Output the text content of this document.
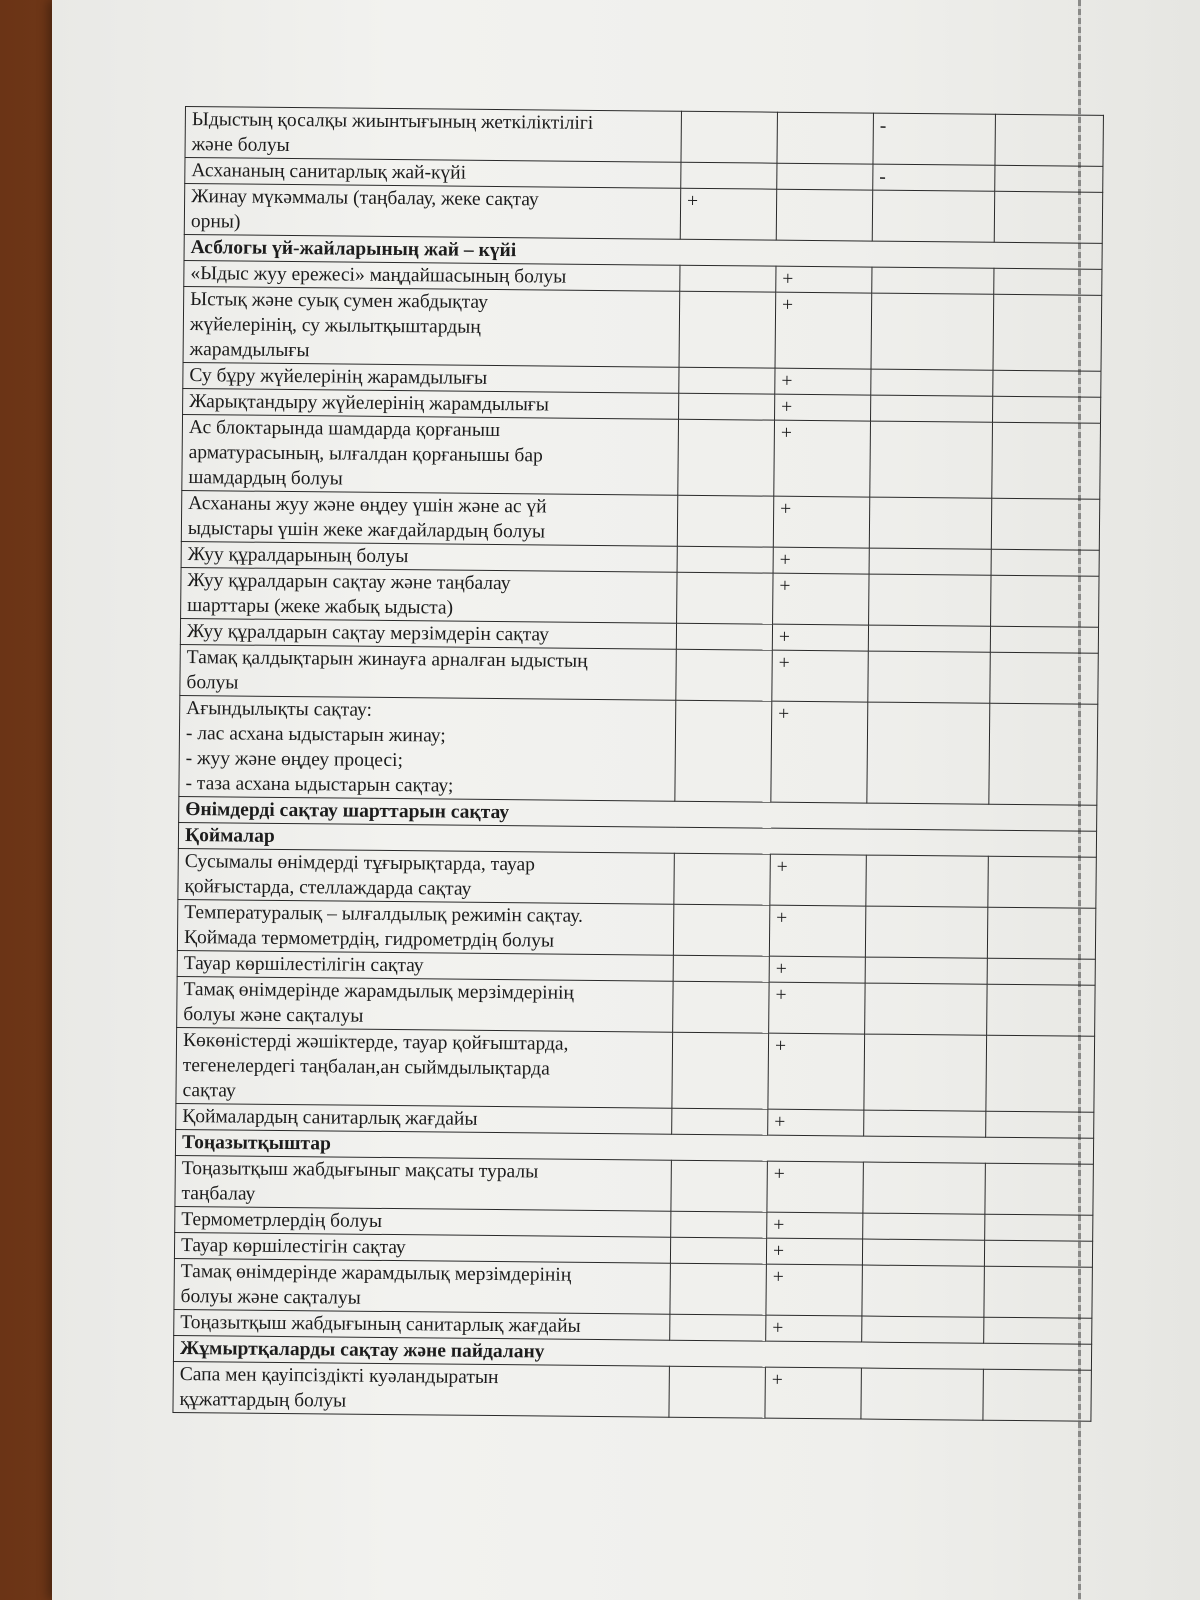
Ыдыстың қосалқы жиынтығының жеткіліктілігі
және болуы			-	

Асхананың санитарлық жай-күйі			-	

Жинау мүкәммалы (таңбалау, жеке сақтау
орны)	+			

Асблогы үй-жайларының жай – күйі				

«Ыдыс жуу ережесі» маңдайшасының болуы		+		

Ыстық және суық сумен жабдықтау
жүйелерінің, су жылытқыштардың
жарамдылығы		+		

Су бұру жүйелерінің жарамдылығы		+		

Жарықтандыру жүйелерінің жарамдылығы		+		

Ас блоктарында шамдарда қорғаныш
арматурасының, ылғалдан қорғанышы бар
шамдардың болуы		+		

Асхананы жуу және өңдеу үшін және ас үй
ыдыстары үшін жеке жағдайлардың болуы		+		

Жуу құралдарының болуы		+		

Жуу құралдарын сақтау және таңбалау
шарттары (жеке жабық ыдыста)		+		

Жуу құралдарын сақтау мерзімдерін сақтау		+		

Тамақ қалдықтарын жинауға арналған ыдыстың
болуы		+		

Ағындылықты сақтау:
- лас асхана ыдыстарын жинау;
- жуу және өңдеу процесі;
- таза асхана ыдыстарын сақтау;		+		

Өнімдерді сақтау шарттарын сақтау				

Қоймалар				

Сусымалы өнімдерді тұғырықтарда, тауар
қойғыстарда, стеллаждарда сақтау		+		

Температуралық – ылғалдылық режимін сақтау.
Қоймада термометрдің, гидрометрдің болуы		+		

Тауар көршілестілігін сақтау		+		

Тамақ өнімдерінде жарамдылық мерзімдерінің
болуы және сақталуы		+		

Көкөністерді жәшіктерде, тауар қойғыштарда,
тегенелердегі таңбалан,ан сыймдылықтарда
сақтау		+		

Қоймалардың санитарлық жағдайы		+		

Тоңазытқыштар				

Тоңазытқыш жабдығыныг мақсаты туралы
таңбалау		+		

Термометрлердің болуы		+		

Тауар көршілестігін сақтау		+		

Тамақ өнімдерінде жарамдылық мерзімдерінің
болуы және сақталуы		+		

Тоңазытқыш жабдығының санитарлық жағдайы		+		

Жұмыртқаларды сақтау және пайдалану				

Сапа мен қауіпсіздікті куәландыратын
құжаттардың болуы		+		
